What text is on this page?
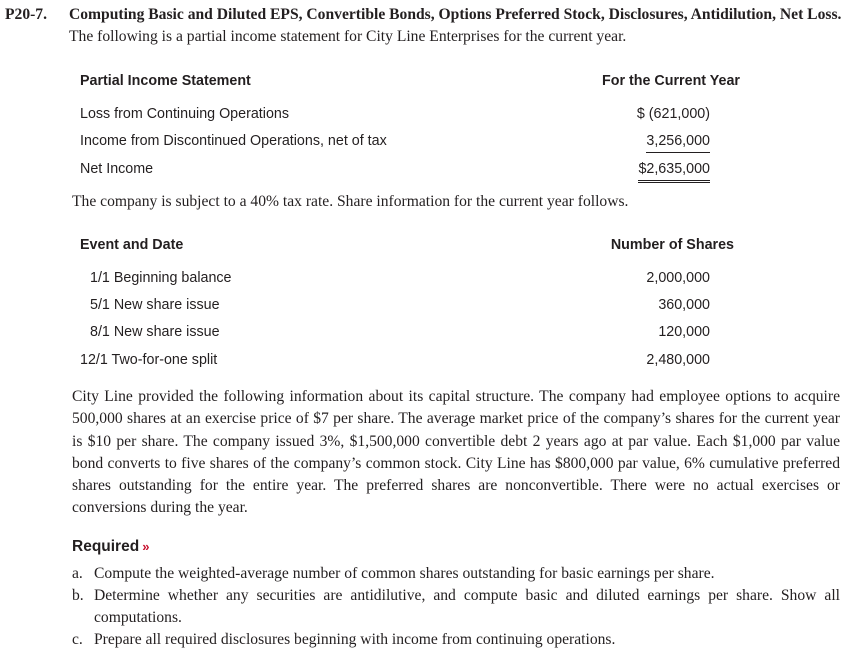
P20-7.	Computing Basic and Diluted EPS, Convertible Bonds, Options Preferred Stock, Disclosures, Antidilution, Net Loss. The following is a partial income statement for City Line Enterprises for the current year.
Partial Income Statement	For the Current Year
Loss from Continuing Operations	$ (621,000)
Income from Discontinued Operations, net of tax	3,256,000
Net Income	$2,635,000
The company is subject to a 40% tax rate. Share information for the current year follows.
Event and Date	Number of Shares
1/1 Beginning balance	2,000,000
5/1 New share issue	360,000
8/1 New share issue	120,000
12/1 Two-for-one split	2,480,000
City Line provided the following information about its capital structure. The company had employee options to acquire 500,000 shares at an exercise price of $7 per share. The average market price of the company’s shares for the current year is $10 per share. The company issued 3%, $1,500,000 convertible debt 2 years ago at par value. Each $1,000 par value bond converts to five shares of the company’s common stock. City Line has $800,000 par value, 6% cumulative preferred shares outstanding for the entire year. The preferred shares are nonconvertible. There were no actual exercises or conversions during the year.
Required »
a. Compute the weighted-average number of common shares outstanding for basic earnings per share.
b. Determine whether any securities are antidilutive, and compute basic and diluted earnings per share. Show all computations.
c. Prepare all required disclosures beginning with income from continuing operations.
